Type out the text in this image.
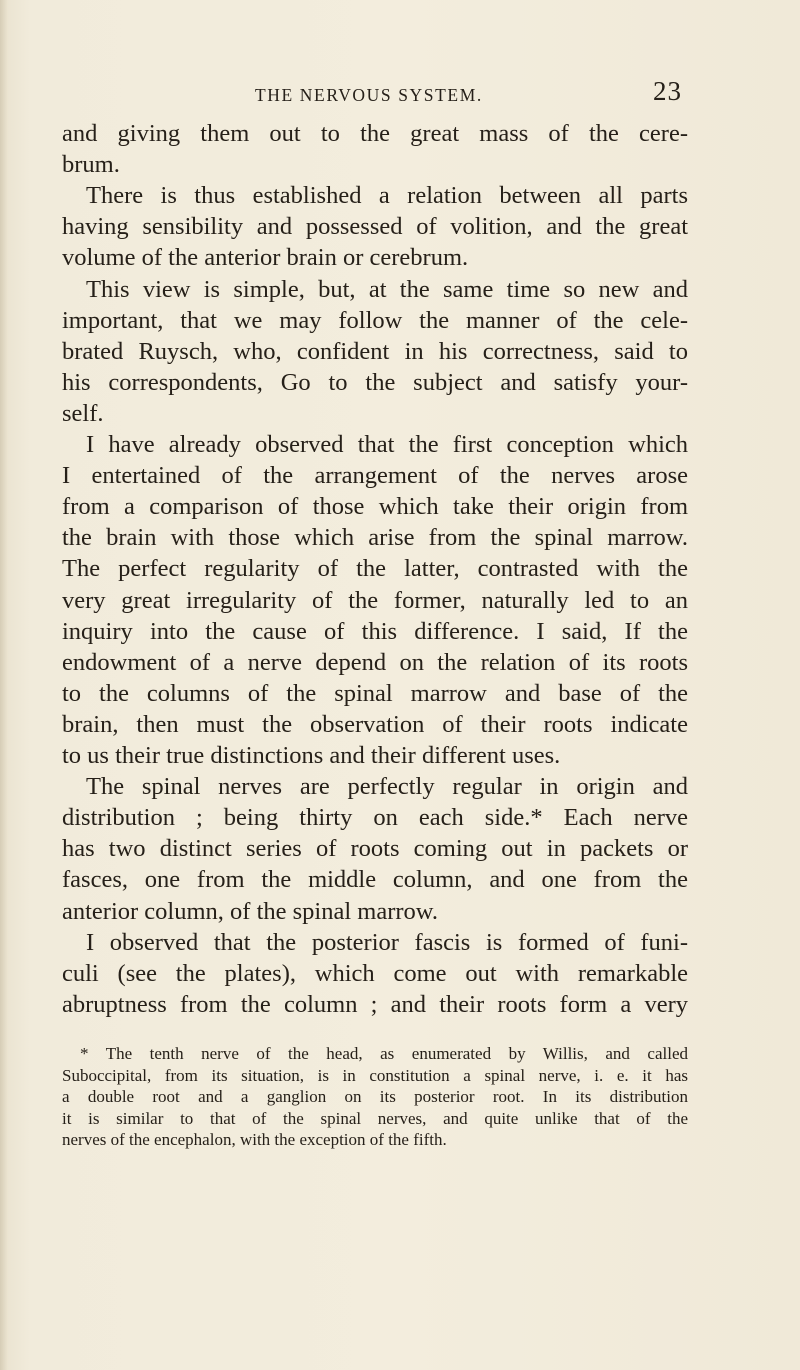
THE NERVOUS SYSTEM.	23
and giving them out to the great mass of the cere-
brum.
There is thus established a relation between all parts
having sensibility and possessed of volition, and the great
volume of the anterior brain or cerebrum.
This view is simple, but, at the same time so new and
important, that we may follow the manner of the cele-
brated Ruysch, who, confident in his correctness, said to
his correspondents, Go to the subject and satisfy your-
self.
I have already observed that the first conception which
I entertained of the arrangement of the nerves arose
from a comparison of those which take their origin from
the brain with those which arise from the spinal marrow.
The perfect regularity of the latter, contrasted with the
very great irregularity of the former, naturally led to an
inquiry into the cause of this difference. I said, If the
endowment of a nerve depend on the relation of its roots
to the columns of the spinal marrow and base of the
brain, then must the observation of their roots indicate
to us their true distinctions and their different uses.
The spinal nerves are perfectly regular in origin and
distribution ; being thirty on each side.* Each nerve
has two distinct series of roots coming out in packets or
fasces, one from the middle column, and one from the
anterior column, of the spinal marrow.
I observed that the posterior fascis is formed of funi-
culi (see the plates), which come out with remarkable
abruptness from the column ; and their roots form a very
* The tenth nerve of the head, as enumerated by Willis, and called
Suboccipital, from its situation, is in constitution a spinal nerve, i. e. it has
a double root and a ganglion on its posterior root. In its distribution
it is similar to that of the spinal nerves, and quite unlike that of the
nerves of the encephalon, with the exception of the fifth.
